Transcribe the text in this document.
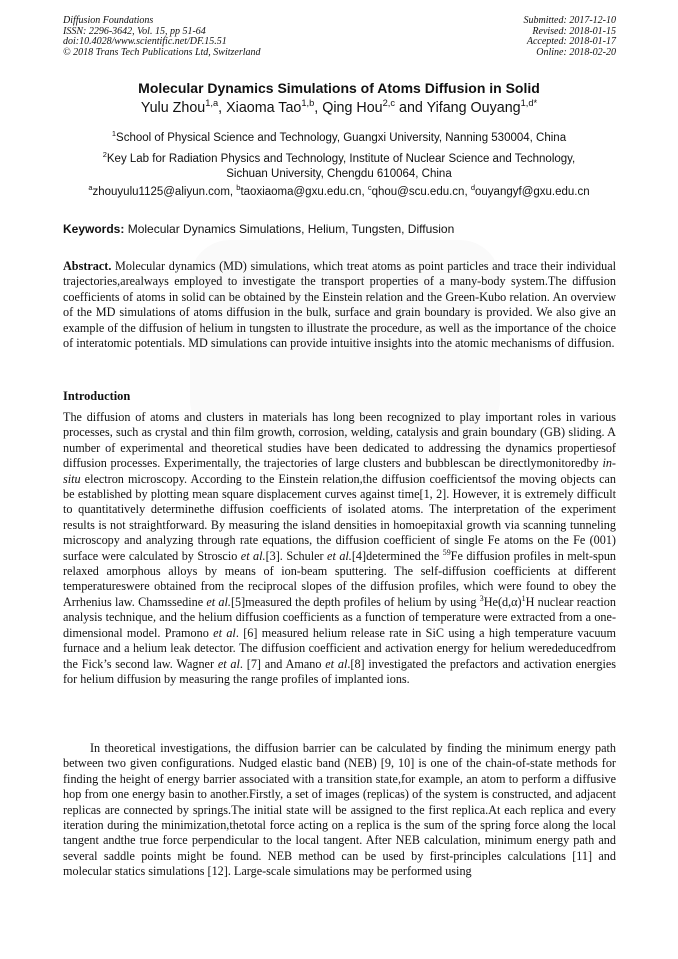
Diffusion Foundations
ISSN: 2296-3642, Vol. 15, pp 51-64
doi:10.4028/www.scientific.net/DF.15.51
© 2018 Trans Tech Publications Ltd, Switzerland
Submitted: 2017-12-10
Revised: 2018-01-15
Accepted: 2018-01-17
Online: 2018-02-20
Molecular Dynamics Simulations of Atoms Diffusion in Solid
Yulu Zhou$^{1,a}$, Xiaoma Tao$^{1,b}$, Qing Hou$^{2,c}$ and Yifang Ouyang$^{1,d*}$
$^1$School of Physical Science and Technology, Guangxi University, Nanning 530004, China
$^2$Key Lab for Radiation Physics and Technology, Institute of Nuclear Science and Technology,
Sichuan University, Chengdu 610064, China
$^a$zhouyulu1125@aliyun.com, $^b$taoxiaoma@gxu.edu.cn, $^c$qhou@scu.edu.cn, $^d$ouyangyf@gxu.edu.cn
Keywords: Molecular Dynamics Simulations, Helium, Tungsten, Diffusion
Abstract. Molecular dynamics (MD) simulations, which treat atoms as point particles and trace their individual trajectories,arealways employed to investigate the transport properties of a many-body system.The diffusion coefficients of atoms in solid can be obtained by the Einstein relation and the Green-Kubo relation. An overview of the MD simulations of atoms diffusion in the bulk, surface and grain boundary is provided. We also give an example of the diffusion of helium in tungsten to illustrate the procedure, as well as the importance of the choice of interatomic potentials. MD simulations can provide intuitive insights into the atomic mechanisms of diffusion.
Introduction
The diffusion of atoms and clusters in materials has long been recognized to play important roles in various processes, such as crystal and thin film growth, corrosion, welding, catalysis and grain boundary (GB) sliding. A number of experimental and theoretical studies have been dedicated to addressing the dynamics propertiesof diffusion processes. Experimentally, the trajectories of large clusters and bubblescan be directlymonitoredby in-situ electron microscopy. According to the Einstein relation,the diffusion coefficientsof the moving objects can be established by plotting mean square displacement curves against time[1, 2]. However, it is extremely difficult to quantitatively determinethe diffusion coefficients of isolated atoms. The interpretation of the experiment results is not straightforward. By measuring the island densities in homoepitaxial growth via scanning tunneling microscopy and analyzing through rate equations, the diffusion coefficient of single Fe atoms on the Fe (001) surface were calculated by Stroscio et al.[3]. Schuler et al.[4]determined the $^{59}$Fe diffusion profiles in melt-spun relaxed amorphous alloys by means of ion-beam sputtering. The self-diffusion coefficients at different temperatureswere obtained from the reciprocal slopes of the diffusion profiles, which were found to obey the Arrhenius law. Chamssedine et al.[5]measured the depth profiles of helium by using $^3He(d,\alpha)^1H$ nuclear reaction analysis technique, and the helium diffusion coefficients as a function of temperature were extracted from a one-dimensional model. Pramono et al. [6] measured helium release rate in SiC using a high temperature vacuum furnace and a helium leak detector. The diffusion coefficient and activation energy for helium werededucedfrom the Fick’s second law. Wagner et al. [7] and Amano et al.[8] investigated the prefactors and activation energies for helium diffusion by measuring the range profiles of implanted ions.
In theoretical investigations, the diffusion barrier can be calculated by finding the minimum energy path between two given configurations. Nudged elastic band (NEB) [9, 10] is one of the chain-of-state methods for finding the height of energy barrier associated with a transition state,for example, an atom to perform a diffusive hop from one energy basin to another.Firstly, a set of images (replicas) of the system is constructed, and adjacent replicas are connected by springs.The initial state will be assigned to the first replica.At each replica and every iteration during the minimization,thetotal force acting on a replica is the sum of the spring force along the local tangent andthe true force perpendicular to the local tangent. After NEB calculation, minimum energy path and several saddle points might be found. NEB method can be used by first-principles calculations [11] and molecular statics simulations [12]. Large-scale simulations may be performed using
